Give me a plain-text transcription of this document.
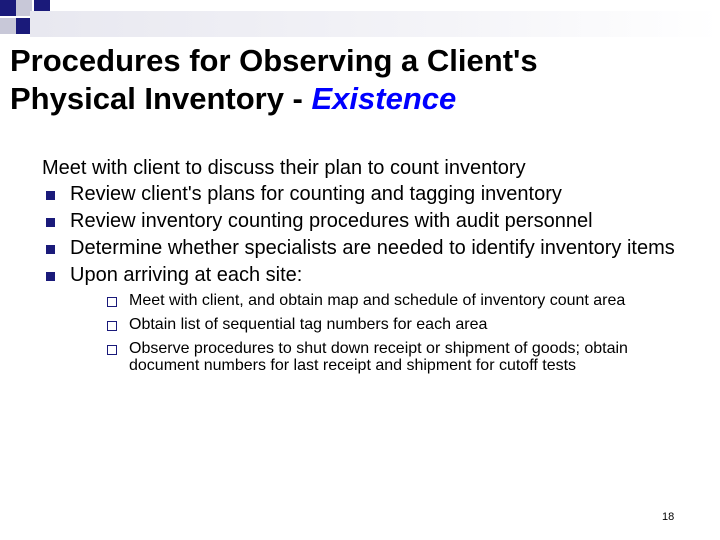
Procedures for Observing a Client's
Physical Inventory - Existence

Meet with client to discuss their plan to count inventory

Review client's plans for counting and tagging inventory
Review inventory counting procedures with audit personnel
Determine whether specialists are needed to identify inventory items
Upon arriving at each site:
Meet with client, and obtain map and schedule of inventory count area
Obtain list of sequential tag numbers for each area
Observe procedures to shut down receipt or shipment of goods; obtain document numbers for last receipt and shipment for cutoff tests
18
